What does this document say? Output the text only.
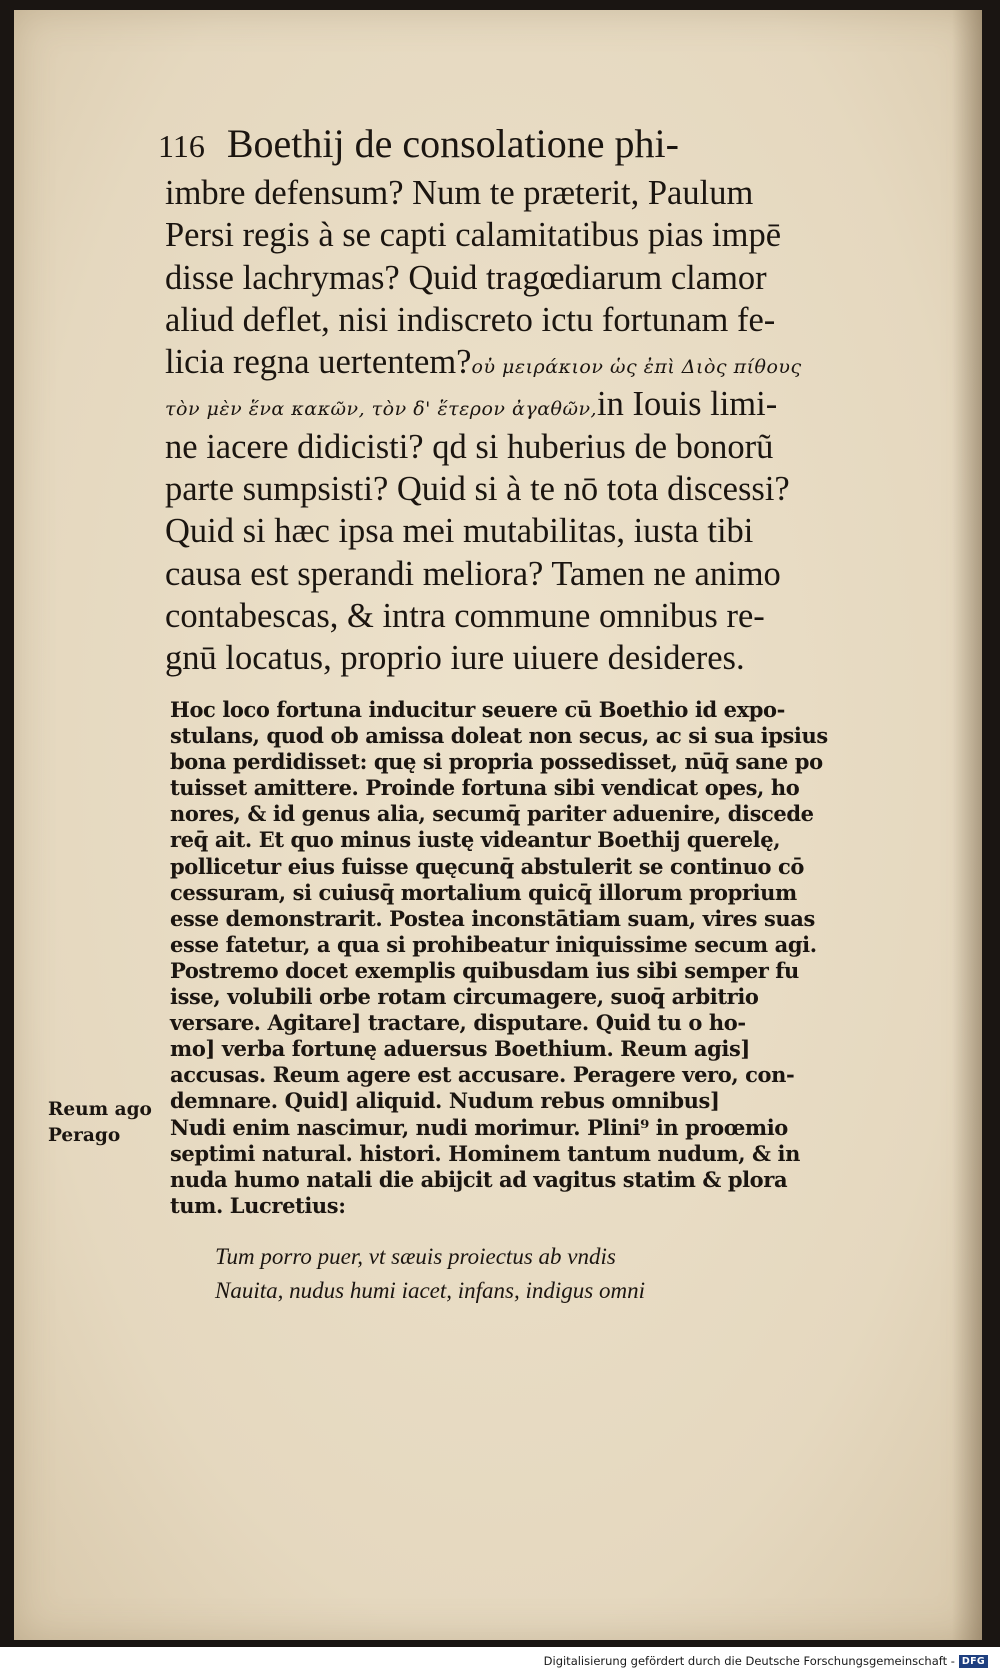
116 Boethij de consolatione phi-
imbre defensum? Num te præterit, Paulum
Persi regis à se capti calamitatibus pias impē
disse lachrymas? Quid tragœdiarum clamor
aliud deflet, nisi indiscreto ictu fortunam fe-
licia regna uertentem?οὐ μειράκιον ὡς ἐπὶ Διὸς πίθους
τὸν μὲν ἕνα κακῶν, τὸν δ' ἕτερον ἀγαθῶν,in Iouis limi-
ne iacere didicisti? qd si huberius de bonorũ
parte sumpsisti? Quid si à te nō tota discessi?
Quid si hæc ipsa mei mutabilitas, iusta tibi
causa est sperandi meliora? Tamen ne animo
contabescas, & intra commune omnibus re-
gnū locatus, proprio iure uiuere desideres.
Hoc loco fortuna inducitur seuere cū Boethio id expo-
stulans, quod ob amissa doleat non secus, ac si sua ipsius
bona perdidisset: quę si propria possedisset, nūq̄ sane po
tuisset amittere. Proinde fortuna sibi vendicat opes, ho
nores, & id genus alia, secumq̄ pariter aduenire, discede
req̄ ait. Et quo minus iustę videantur Boethij querelę,
pollicetur eius fuisse quęcunq̄ abstulerit se continuo cō
cessuram, si cuiusq̄ mortalium quicq̄ illorum proprium
esse demonstrarit. Postea inconstātiam suam, vires suas
esse fatetur, a qua si prohibeatur iniquissime secum agi.
Postremo docet exemplis quibusdam ius sibi semper fu
isse, volubili orbe rotam circumagere, suoq̄ arbitrio
versare. Agitare] tractare, disputare. Quid tu o ho-
mo] verba fortunę aduersus Boethium. Reum agis]
accusas. Reum agere est accusare. Peragere vero, con-
demnare. Quid] aliquid. Nudum rebus omnibus]
Nudi enim nascimur, nudi morimur. Plini⁹ in proœmio
septimi natural. histori. Hominem tantum nudum, & in
nuda humo natali die abijcit ad vagitus statim & plora
tum. Lucretius:
Reum ago
Perago
Tum porro puer, vt sæuis proiectus ab vndis
Nauita, nudus humi iacet, infans, indigus omni
Digitalisierung gefördert durch die Deutsche Forschungsgemeinschaft - DFG
